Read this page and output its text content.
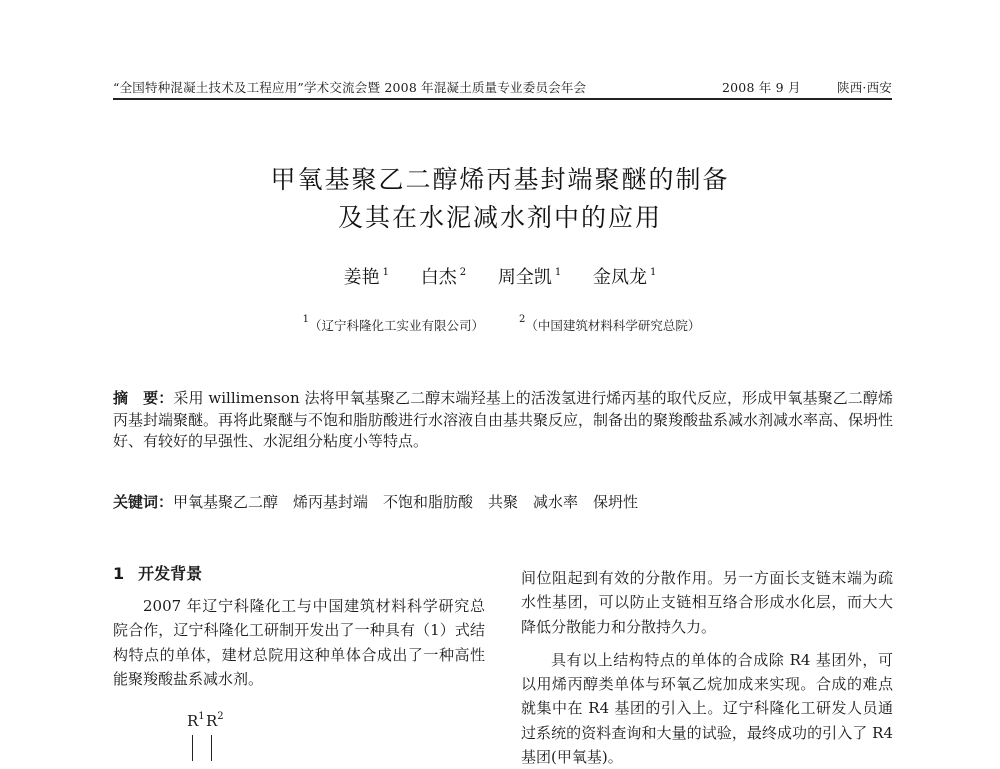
“全国特种混凝土技术及工程应用”学术交流会暨 2008 年混凝土质量专业委员会年会	2008 年 9 月	陕西·西安
甲氧基聚乙二醇烯丙基封端聚醚的制备
及其在水泥减水剂中的应用
姜艳 $^1$ 白杰 $^2$ 周全凯 $^1$ 金凤龙 $^1$
$^1$（辽宁科隆化工实业有限公司）	$^2$（中国建筑材料科学研究总院）
摘　要：采用 willimenson 法将甲氧基聚乙二醇末端羟基上的活泼氢进行烯丙基的取代反应，形成甲氧基聚乙二醇烯丙基封端聚醚。再将此聚醚与不饱和脂肪酸进行水溶液自由基共聚反应，制备出的聚羧酸盐系减水剂减水率高、保坍性好、有较好的早强性、水泥组分粘度小等特点。
关键词：甲氧基聚乙二醇　烯丙基封端　不饱和脂肪酸　共聚　减水率　保坍性
1 开发背景

2007 年辽宁科隆化工与中国建筑材料科学研究总院合作，辽宁科隆化工研制开发出了一种具有（1）式结构特点的单体，建材总院用这种单体合成出了一种高性能聚羧酸盐系减水剂。

$R^1$ $R^2$

间位阻起到有效的分散作用。另一方面长支链末端为疏水性基团，可以防止支链相互络合形成水化层，而大大降低分散能力和分散持久力。

具有以上结构特点的单体的合成除 R4 基团外，可以用烯丙醇类单体与环氧乙烷加成来实现。合成的难点就集中在 R4 基团的引入上。辽宁科隆化工研发人员通过系统的资料查询和大量的试验，最终成功的引入了 R4 基团(甲氧基)。
